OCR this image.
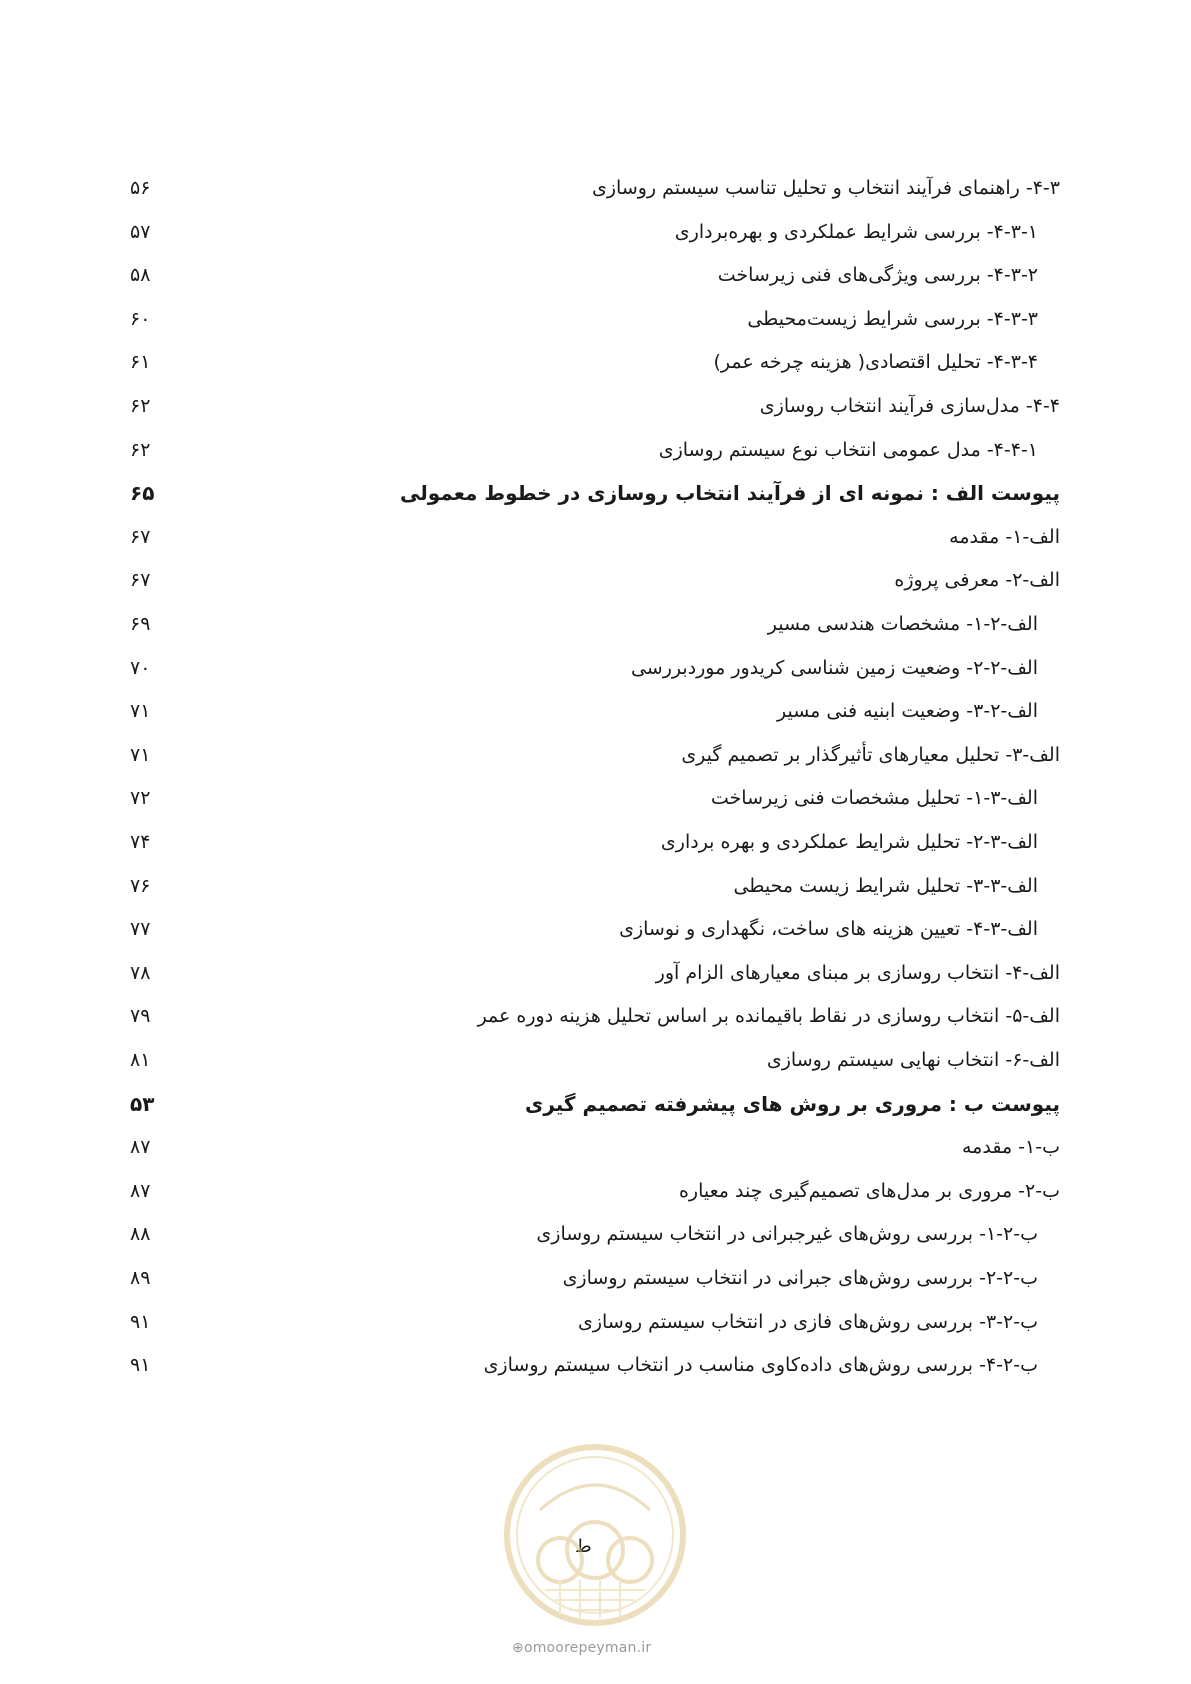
۴-۳- راهنمای فرآیند انتخاب و تحلیل تناسب سیستم روسازی
۵۶
۴-۳-۱- بررسی شرایط عملکردی و بهره‌برداری
۵۷
۴-۳-۲- بررسی ویژگی‌های فنی زیرساخت
۵۸
۴-۳-۳- بررسی شرایط زیست‌محیطی
۶۰
۴-۳-۴- تحلیل اقتصادی( هزینه چرخه عمر)
۶۱
۴-۴- مدل‌سازی فرآیند انتخاب روسازی
۶۲
۴-۴-۱- مدل عمومی انتخاب نوع سیستم روسازی
۶۲
پیوست الف : نمونه ای از فرآیند انتخاب روسازی در خطوط معمولی
۶۵
الف-۱- مقدمه
۶۷
الف-۲- معرفی پروژه
۶۷
الف-۲-۱- مشخصات هندسی مسیر
۶۹
الف-۲-۲- وضعیت زمین شناسی کریدور موردبررسی
۷۰
الف-۲-۳- وضعیت ابنیه فنی مسیر
۷۱
الف-۳- تحلیل معیارهای تأثیرگذار بر تصمیم گیری
۷۱
الف-۳-۱- تحلیل مشخصات فنی زیرساخت
۷۲
الف-۳-۲- تحلیل شرایط عملکردی و بهره برداری
۷۴
الف-۳-۳- تحلیل شرایط زیست محیطی
۷۶
الف-۳-۴- تعیین هزینه های ساخت، نگهداری و نوسازی
۷۷
الف-۴- انتخاب روسازی بر مبنای معیارهای الزام آور
۷۸
الف-۵- انتخاب روسازی در نقاط باقیمانده بر اساس تحلیل هزینه دوره عمر
۷۹
الف-۶- انتخاب نهایی سیستم روسازی
۸۱
پیوست ب : مروری بر روش های پیشرفته تصمیم گیری
۵۳
ب-۱- مقدمه
۸۷
ب-۲- مروری بر مدل‌های تصمیم‌گیری چند معیاره
۸۷
ب-۲-۱- بررسی روش‌های غیرجبرانی در انتخاب سیستم روسازی
۸۸
ب-۲-۲- بررسی روش‌های جبرانی در انتخاب سیستم روسازی
۸۹
ب-۲-۳- بررسی روش‌های فازی در انتخاب سیستم روسازی
۹۱
ب-۲-۴- بررسی روش‌های داده‌کاوی مناسب در انتخاب سیستم روسازی
۹۱
ط
⊕omoorepeyman.ir
